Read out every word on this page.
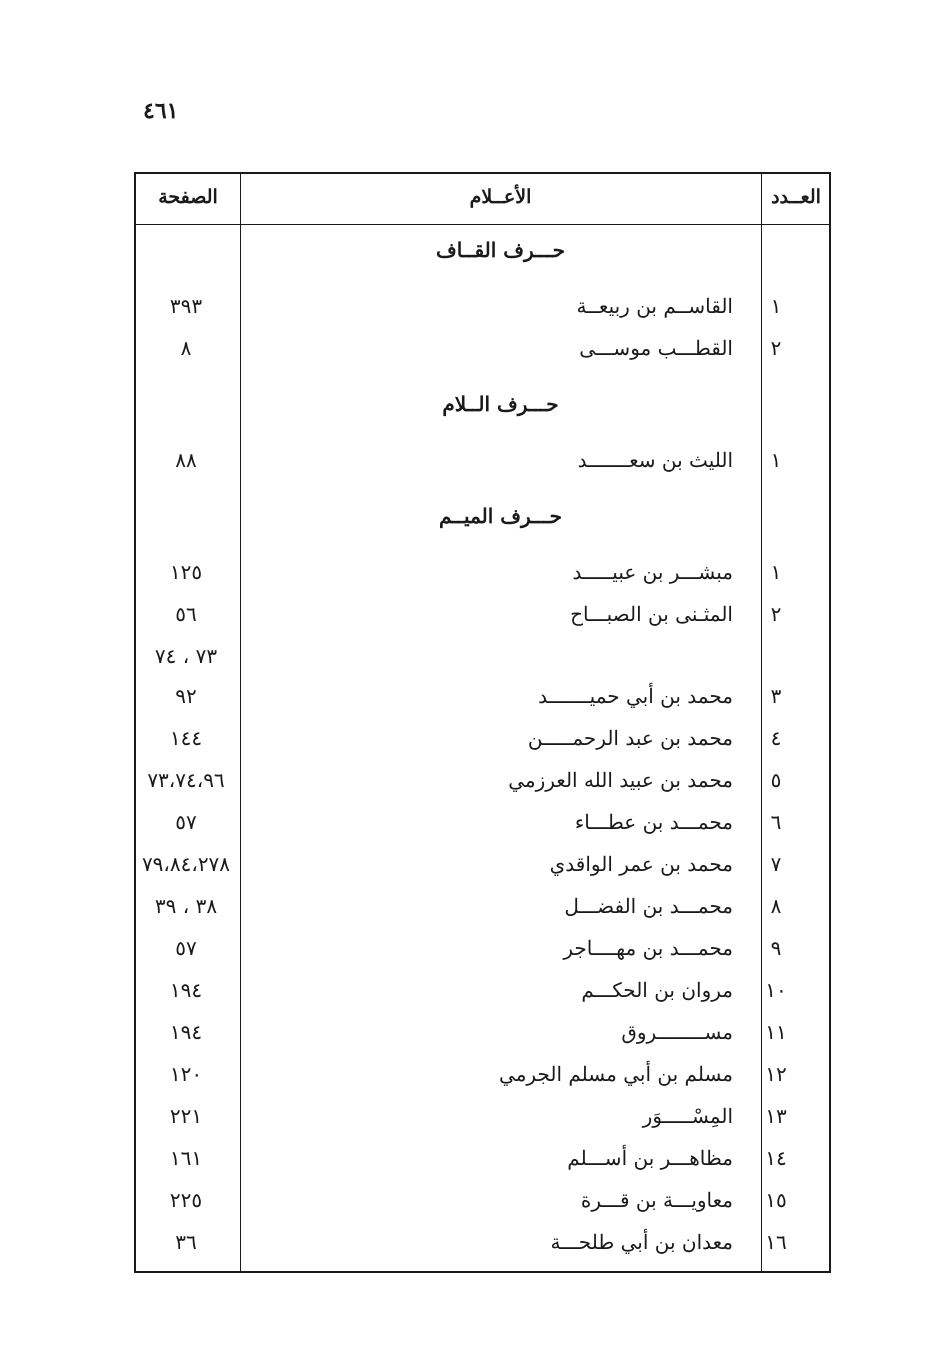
٤٦١
الصفحة	الأعــلام	العــدد
حـــرف القــاف
٣٩٣	القاســم بن ربيعــة	١
٨	القطـــب موســـى	٢
حـــرف الــلام
٨٨	الليث بن سعـــــــد	١
حـــرف الميــم
١٢٥	مبشـــر بن عبيـــــد	١
٥٦	المثـنى بن الصبـــاح	٢
٧٣ ، ٧٤
٩٢	محمد بن أبي حميـــــــد	٣
١٤٤	محمد بن عبد الرحمـــــن	٤
٧٣،٧٤،٩٦	محمد بن عبيد الله العرزمي	٥
٥٧	محمـــد بن عطـــاء	٦
٧٩،٨٤،٢٧٨	محمد بن عمر الواقدي	٧
٣٨ ، ٣٩	محمـــد بن الفضـــل	٨
٥٧	محمـــد بن مهــــاجر	٩
١٩٤	مروان بن الحكـــم ١٠
١٩٤	مســــــــروق ١١
١٢٠	مسلم بن أبي مسلم الجرمي ١٢
٢٢١	المِسْـــــوَر ١٣
١٦١	مظاهـــر بن أســـلم ١٤
٢٢٥	معاويـــة بن قـــرة ١٥
٣٦	معدان بن أبي طلحـــة ١٦
